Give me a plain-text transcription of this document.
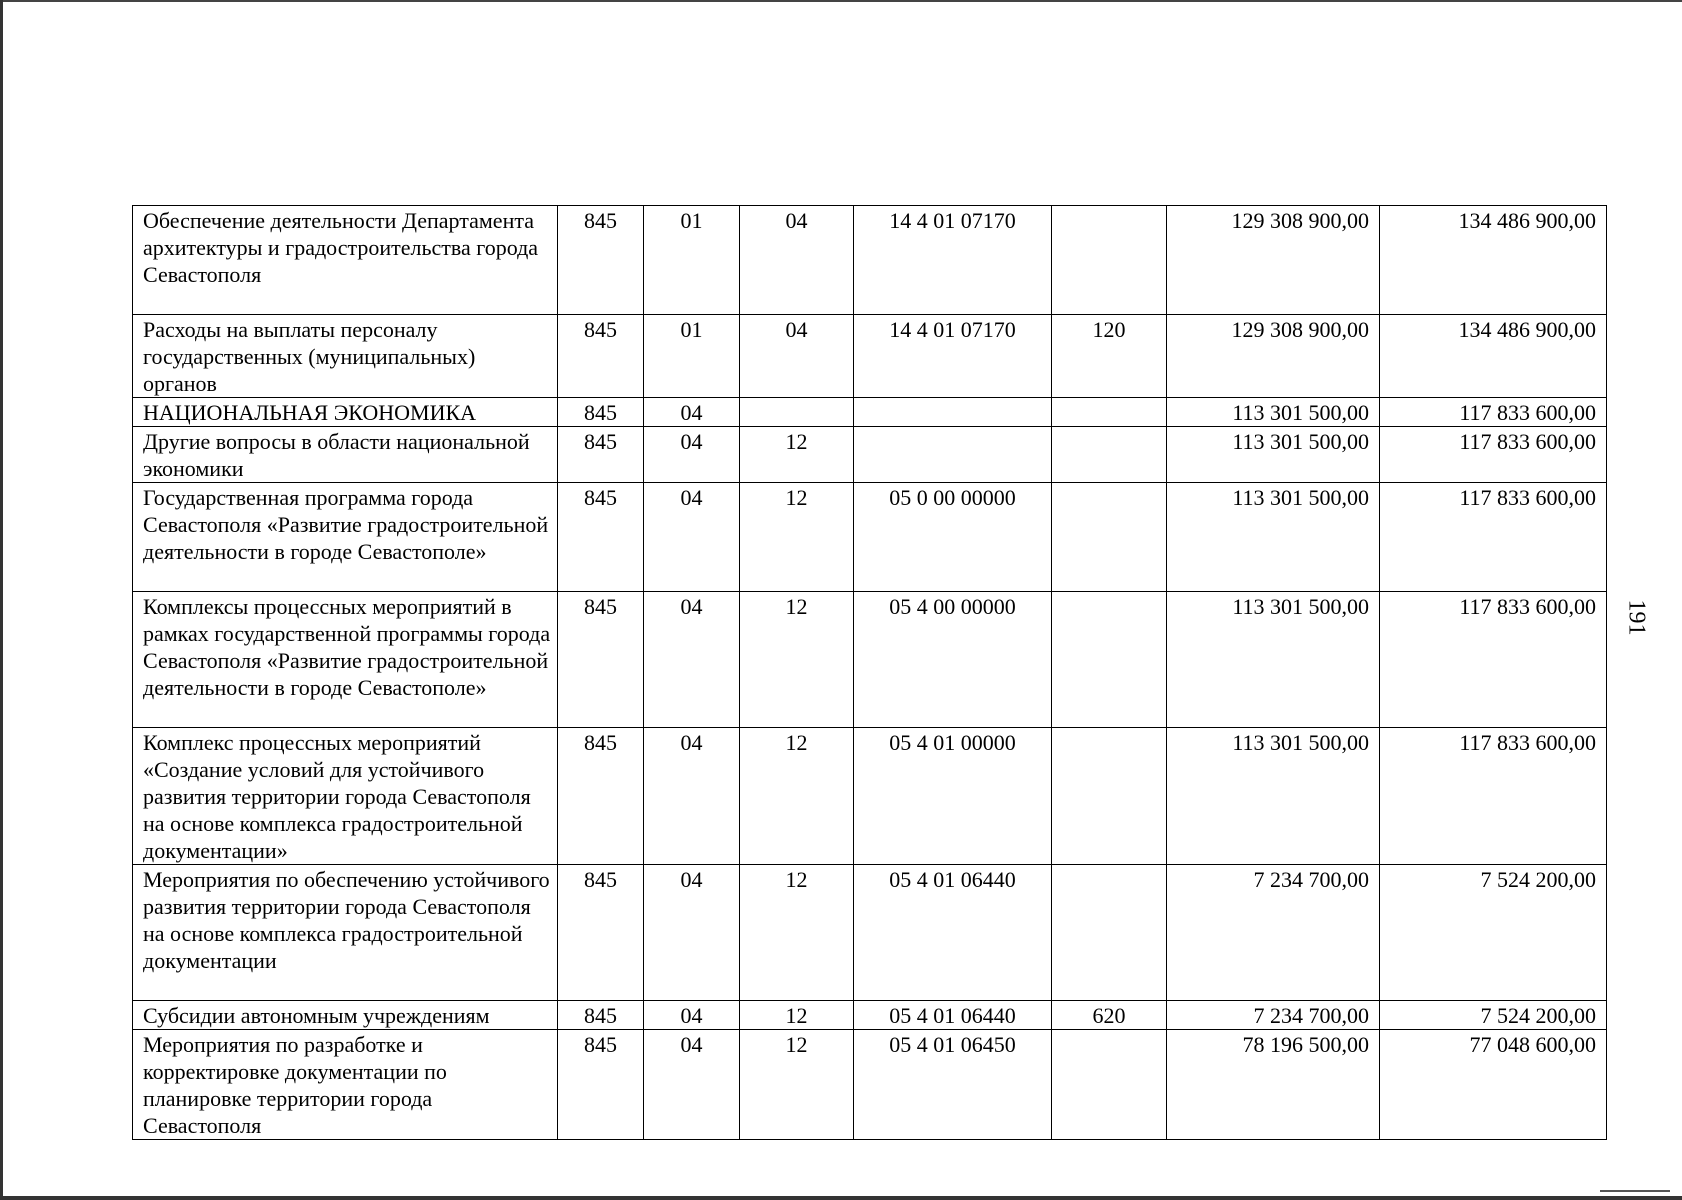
Обеспечение деятельности Департамента архитектуры и градостроительства города Севастополя	845	01	04	14 4 01 07170		129 308 900,00	134 486 900,00
Расходы на выплаты персоналу государственных (муниципальных) органов	845	01	04	14 4 01 07170	120	129 308 900,00	134 486 900,00
НАЦИОНАЛЬНАЯ ЭКОНОМИКА	845	04				113 301 500,00	117 833 600,00
Другие вопросы в области национальной экономики	845	04	12			113 301 500,00	117 833 600,00
Государственная программа города Севастополя «Развитие градостроительной деятельности в городе Севастополе»	845	04	12	05 0 00 00000		113 301 500,00	117 833 600,00
Комплексы процессных мероприятий в рамках государственной программы города Севастополя «Развитие градостроительной деятельности в городе Севастополе»	845	04	12	05 4 00 00000		113 301 500,00	117 833 600,00
Комплекс процессных мероприятий «Создание условий для устойчивого развития территории города Севастополя на основе комплекса градостроительной документации»	845	04	12	05 4 01 00000		113 301 500,00	117 833 600,00
Мероприятия по обеспечению устойчивого развития территории города Севастополя на основе комплекса градостроительной документации	845	04	12	05 4 01 06440		7 234 700,00	7 524 200,00
Субсидии автономным учреждениям	845	04	12	05 4 01 06440	620	7 234 700,00	7 524 200,00
Мероприятия по разработке и корректировке документации по планировке территории города Севастополя	845	04	12	05 4 01 06450		78 196 500,00	77 048 600,00
191
